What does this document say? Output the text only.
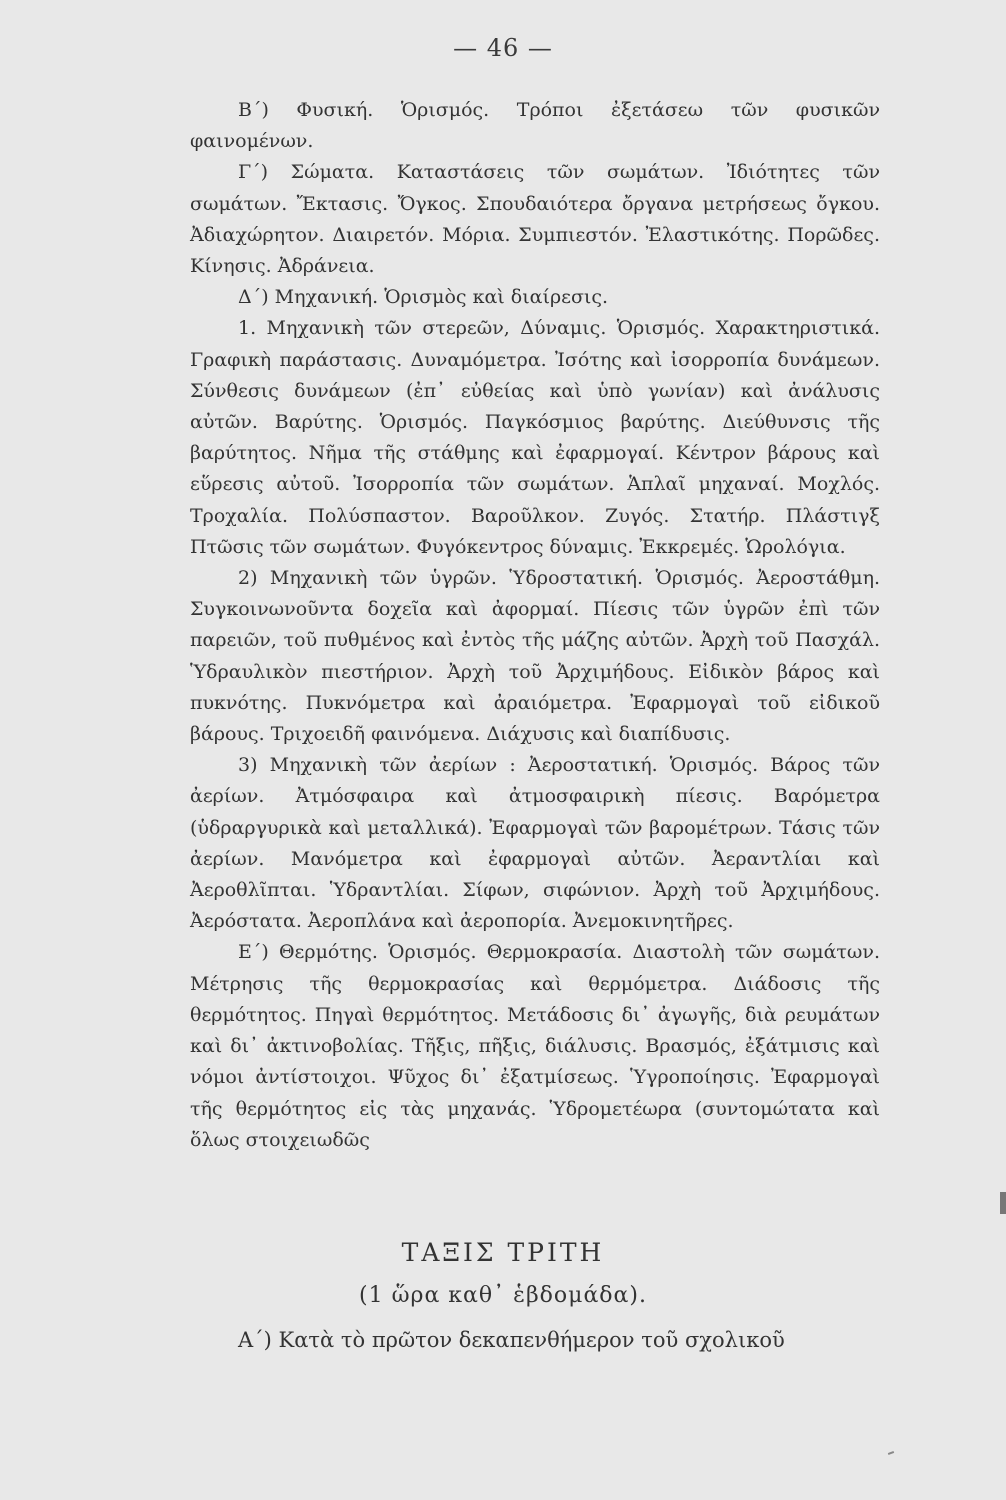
— 46 —

Β΄) Φυσική. Ὁρισμός. Τρόποι ἐξετάσεω τῶν φυσικῶν φαινομένων.

Γ΄) Σώματα. Καταστάσεις τῶν σωμάτων. Ἰδιότητες τῶν σωμάτων. Ἔκτασις. Ὄγκος. Σπουδαιότερα ὄργανα μετρήσεως ὄγκου. Ἀδιαχώρητον. Διαιρετόν. Μόρια. Συμπιεστόν. Ἐλαστικότης. Πορῶδες. Κίνησις. Ἀδράνεια.

Δ΄) Μηχανική. Ὁρισμὸς καὶ διαίρεσις.

1. Μηχανικὴ τῶν στερεῶν, Δύναμις. Ὁρισμός. Χαρακτηριστικά. Γραφικὴ παράστασις. Δυναμόμετρα. Ἰσότης καὶ ἰσορροπία δυνάμεων. Σύνθεσις δυνάμεων (ἐπ᾽ εὐθείας καὶ ὑπὸ γωνίαν) καὶ ἀνάλυσις αὐτῶν. Βαρύτης. Ὁρισμός. Παγκόσμιος βαρύτης. Διεύθυνσις τῆς βαρύτητος. Νῆμα τῆς στάθμης καὶ ἐφαρμογαί. Κέντρον βάρους καὶ εὕρεσις αὐτοῦ. Ἰσορροπία τῶν σωμάτων. Ἁπλαῖ μηχαναί. Μοχλός. Τροχαλία. Πολύσπαστον. Βαροῦλκον. Ζυγός. Στατήρ. Πλάστιγξ Πτῶσις τῶν σωμάτων. Φυγόκεντρος δύναμις. Ἐκκρεμές. Ὡρολόγια.

2) Μηχανικὴ τῶν ὑγρῶν. Ὑδροστατική. Ὁρισμός. Ἀεροστάθμη. Συγκοινωνοῦντα δοχεῖα καὶ ἀφορμαί. Πίεσις τῶν ὑγρῶν ἐπὶ τῶν παρειῶν, τοῦ πυθμένος καὶ ἐντὸς τῆς μάζης αὐτῶν. Ἀρχὴ τοῦ Πασχάλ. Ὑδραυλικὸν πιεστήριον. Ἀρχὴ τοῦ Ἀρχιμήδους. Εἰδικὸν βάρος καὶ πυκνότης. Πυκνόμετρα καὶ ἀραιόμετρα. Ἐφαρμογαὶ τοῦ εἰδικοῦ βάρους. Τριχοειδῆ φαινόμενα. Διάχυσις καὶ διαπίδυσις.

3) Μηχανικὴ τῶν ἀερίων : Ἀεροστατική. Ὁρισμός. Βάρος τῶν ἀερίων. Ἀτμόσφαιρα καὶ ἀτμοσφαιρικὴ πίεσις. Βαρόμετρα (ὑδραργυρικὰ καὶ μεταλλικά). Ἐφαρμογαὶ τῶν βαρομέτρων. Τάσις τῶν ἀερίων. Μανόμετρα καὶ ἐφαρμογαὶ αὐτῶν. Ἀεραντλίαι καὶ Ἀεροθλῖπται. Ὑδραντλίαι. Σίφων, σιφώνιον. Ἀρχὴ τοῦ Ἀρχιμήδους. Ἀερόστατα. Ἀεροπλάνα καὶ ἀεροπορία. Ἀνεμοκινητῆρες.

Ε΄) Θερμότης. Ὁρισμός. Θερμοκρασία. Διαστολὴ τῶν σωμάτων. Μέτρησις τῆς θερμοκρασίας καὶ θερμόμετρα. Διάδοσις τῆς θερμότητος. Πηγαὶ θερμότητος. Μετάδοσις δι᾽ ἀγωγῆς, διὰ ρευμάτων καὶ δι᾽ ἀκτινοβολίας. Τῆξις, πῆξις, διάλυσις. Βρασμός, ἐξάτμισις καὶ νόμοι ἀντίστοιχοι. Ψῦχος δι᾽ ἐξατμίσεως. Ὑγροποίησις. Ἐφαρμογαὶ τῆς θερμότητος εἰς τὰς μηχανάς. Ὑδρομετέωρα (συντομώτατα καὶ ὅλως στοιχειωδῶς

ΤΑΞΙΣ ΤΡΙΤΗ
(1 ὥρα καθ᾽ ἑβδομάδα).

Α΄) Κατὰ τὸ πρῶτον δεκαπενθήμερον τοῦ σχολικοῦ
